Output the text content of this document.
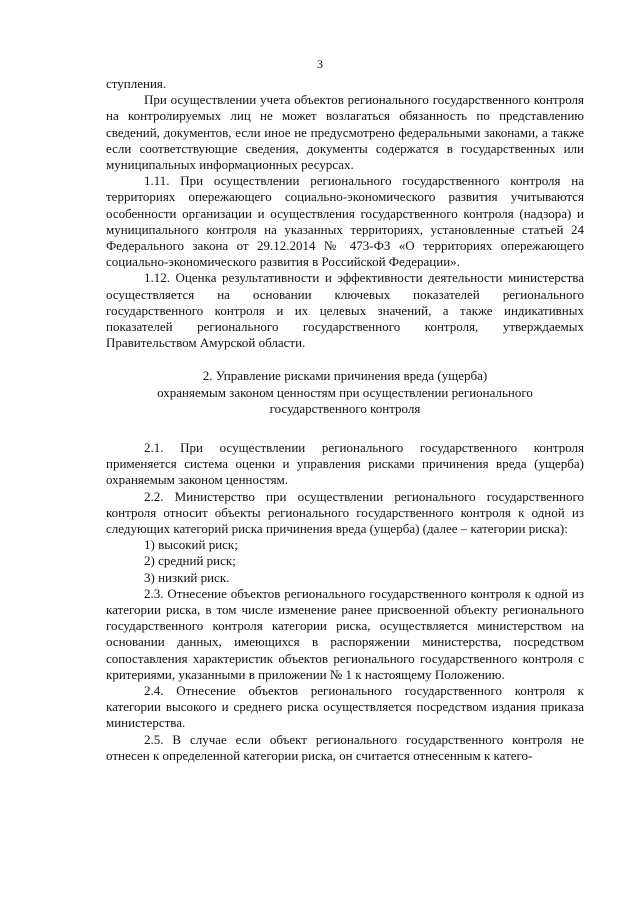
3

ступления.

При осуществлении учета объектов регионального государственного контроля на контролируемых лиц не может возлагаться обязанность по представлению сведений, документов, если иное не предусмотрено федеральными законами, а также если соответствующие сведения, документы содержатся в государственных или муниципальных информационных ресурсах.

1.11. При осуществлении регионального государственного контроля на территориях опережающего социально-экономического развития учитываются особенности организации и осуществления государственного контроля (надзора) и муниципального контроля на указанных территориях, установленные статьей 24 Федерального закона от 29.12.2014 № 473-ФЗ «О территориях опережающего социально-экономического развития в Российской Федерации».

1.12. Оценка результативности и эффективности деятельности министерства осуществляется на основании ключевых показателей регионального государственного контроля и их целевых значений, а также индикативных показателей регионального государственного контроля, утверждаемых Правительством Амурской области.

2. Управление рисками причинения вреда (ущерба)
охраняемым законом ценностям при осуществлении регионального
государственного контроля

2.1. При осуществлении регионального государственного контроля применяется система оценки и управления рисками причинения вреда (ущерба) охраняемым законом ценностям.

2.2. Министерство при осуществлении регионального государственного контроля относит объекты регионального государственного контроля к одной из следующих категорий риска причинения вреда (ущерба) (далее – категории риска):

1) высокий риск;

2) средний риск;

3) низкий риск.

2.3. Отнесение объектов регионального государственного контроля к одной из категории риска, в том числе изменение ранее присвоенной объекту регионального государственного контроля категории риска, осуществляется министерством на основании данных, имеющихся в распоряжении министерства, посредством сопоставления характеристик объектов регионального государственного контроля с критериями, указанными в приложении № 1 к настоящему Положению.

2.4. Отнесение объектов регионального государственного контроля к категории высокого и среднего риска осуществляется посредством издания приказа министерства.

2.5. В случае если объект регионального государственного контроля не отнесен к определенной категории риска, он считается отнесенным к катего-
